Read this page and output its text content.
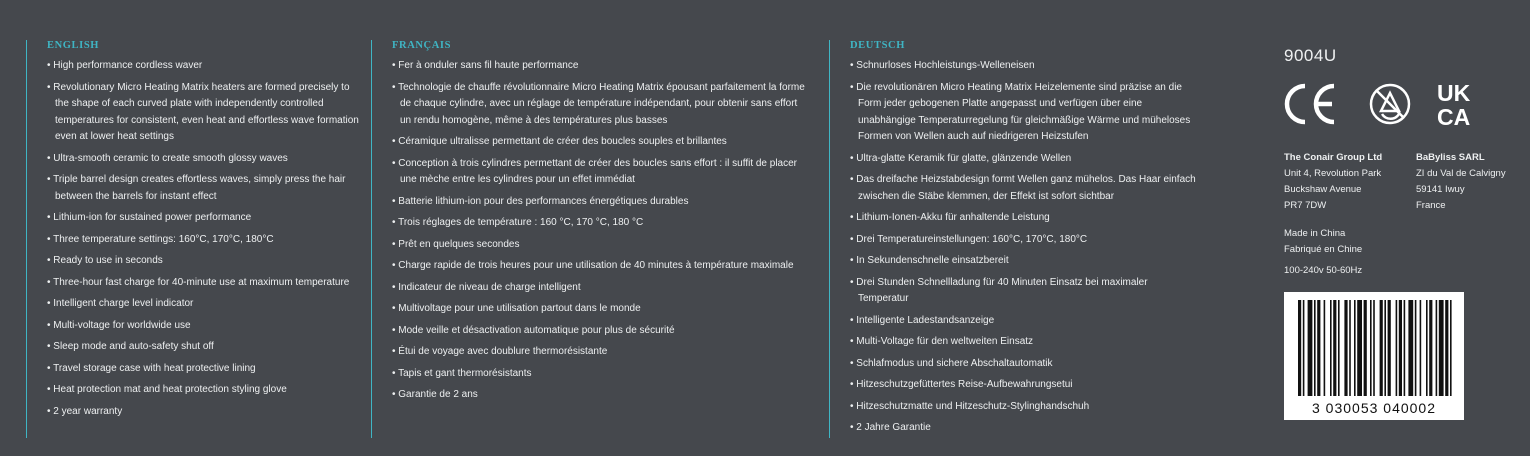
ENGLISH
• High performance cordless waver
• Revolutionary Micro Heating Matrix heaters are formed precisely to the shape of each curved plate with independently controlled temperatures for consistent, even heat and effortless wave formation even at lower heat settings
• Ultra-smooth ceramic to create smooth glossy waves
• Triple barrel design creates effortless waves, simply press the hair between the barrels for instant effect
• Lithium-ion for sustained power performance
• Three temperature settings: 160°C, 170°C, 180°C
• Ready to use in seconds
• Three-hour fast charge for 40-minute use at maximum temperature
• Intelligent charge level indicator
• Multi-voltage for worldwide use
• Sleep mode and auto-safety shut off
• Travel storage case with heat protective lining
• Heat protection mat and heat protection styling glove
• 2 year warranty
FRANÇAIS
• Fer à onduler sans fil haute performance
• Technologie de chauffe révolutionnaire Micro Heating Matrix épousant parfaitement la forme de chaque cylindre, avec un réglage de température indépendant, pour obtenir sans effort un rendu homogène, même à des températures plus basses
• Céramique ultralisse permettant de créer des boucles souples et brillantes
• Conception à trois cylindres permettant de créer des boucles sans effort : il suffit de placer une mèche entre les cylindres pour un effet immédiat
• Batterie lithium-ion pour des performances énergétiques durables
• Trois réglages de température : 160 °C, 170 °C, 180 °C
• Prêt en quelques secondes
• Charge rapide de trois heures pour une utilisation de 40 minutes à température maximale
• Indicateur de niveau de charge intelligent
• Multivoltage pour une utilisation partout dans le monde
• Mode veille et désactivation automatique pour plus de sécurité
• Étui de voyage avec doublure thermorésistante
• Tapis et gant thermorésistants
• Garantie de 2 ans
DEUTSCH
• Schnurloses Hochleistungs-Welleneisen
• Die revolutionären Micro Heating Matrix Heizelemente sind präzise an die Form jeder gebogenen Platte angepasst und verfügen über eine unabhängige Temperaturregelung für gleichmäßige Wärme und müheloses Formen von Wellen auch auf niedrigeren Heizstufen
• Ultra-glatte Keramik für glatte, glänzende Wellen
• Das dreifache Heizstabdesign formt Wellen ganz mühelos. Das Haar einfach zwischen die Stäbe klemmen, der Effekt ist sofort sichtbar
• Lithium-Ionen-Akku für anhaltende Leistung
• Drei Temperatureinstellungen: 160°C, 170°C, 180°C
• In Sekundenschnelle einsatzbereit
• Drei Stunden Schnellladung für 40 Minuten Einsatz bei maximaler Temperatur
• Intelligente Ladestandsanzeige
• Multi-Voltage für den weltweiten Einsatz
• Schlafmodus und sichere Abschaltautomatik
• Hitzeschutzgefüttertes Reise-Aufbewahrungsetui
• Hitzeschutzmatte und Hitzeschutz-Stylinghandschuh
• 2 Jahre Garantie
9004U
UK
CA
The Conair Group Ltd
Unit 4, Revolution Park
Buckshaw Avenue
PR7 7DW
BaByliss SARL
ZI du Val de Calvigny
59141 Iwuy
France
Made in China
Fabriqué en Chine
100-240v 50-60Hz
3 030053 040002
